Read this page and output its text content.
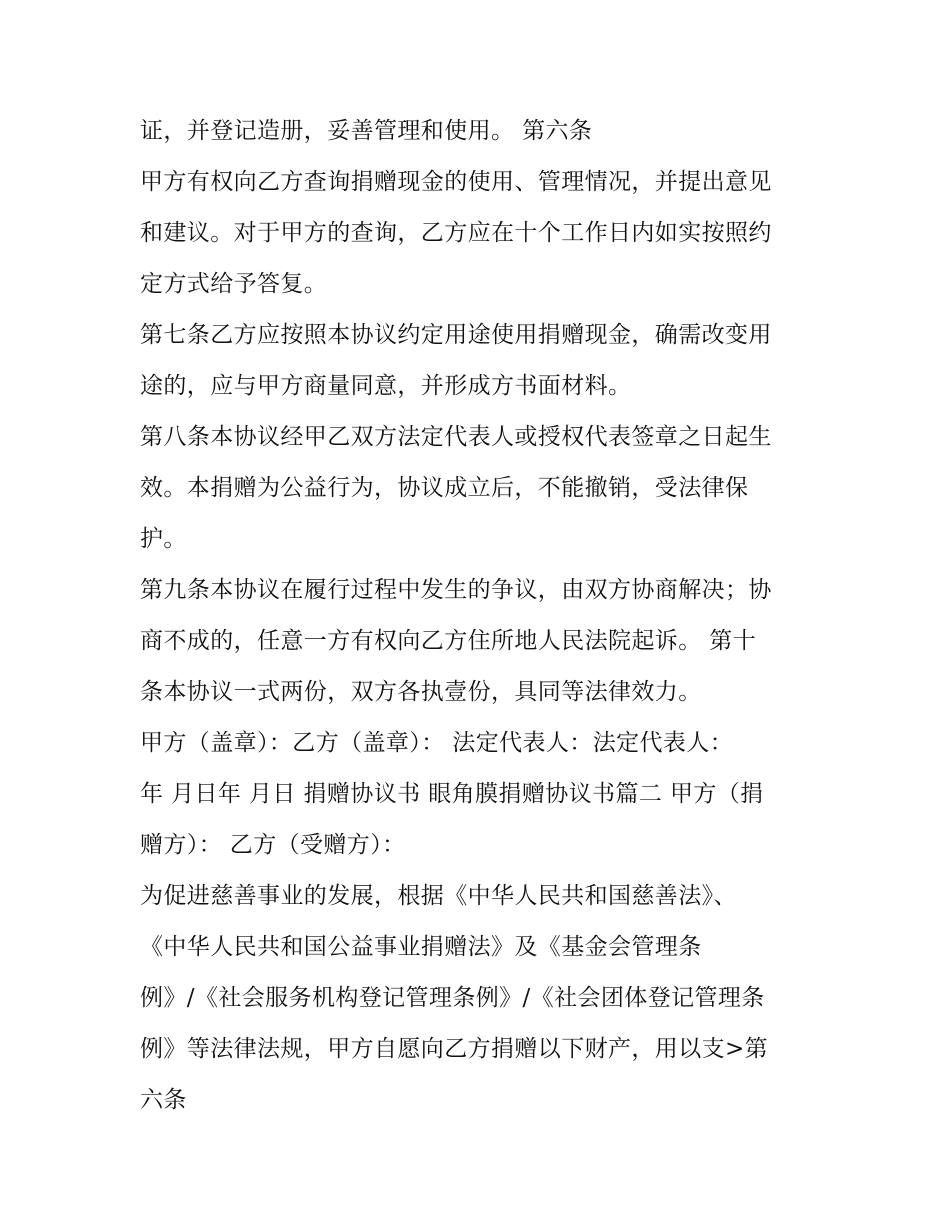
证，并登记造册，妥善管理和使用。 第六条
甲方有权向乙方查询捐赠现金的使用、管理情况，并提出意见
和建议。对于甲方的查询，乙方应在十个工作日内如实按照约
定方式给予答复。
第七条乙方应按照本协议约定用途使用捐赠现金，确需改变用
途的，应与甲方商量同意，并形成方书面材料。
第八条本协议经甲乙双方法定代表人或授权代表签章之日起生
效。本捐赠为公益行为，协议成立后，不能撤销，受法律保
护。
第九条本协议在履行过程中发生的争议，由双方协商解决；协
商不成的，任意一方有权向乙方住所地人民法院起诉。 第十
条本协议一式两份，双方各执壹份，具同等法律效力。
甲方（盖章）：乙方（盖章）： 法定代表人：法定代表人：
年 月日年 月日 捐赠协议书 眼角膜捐赠协议书篇二 甲方（捐
赠方）： 乙方（受赠方）：
为促进慈善事业的发展，根据《中华人民共和国慈善法》、
《中华人民共和国公益事业捐赠法》及《基金会管理条
例》/《社会服务机构登记管理条例》/《社会团体登记管理条
例》等法律法规，甲方自愿向乙方捐赠以下财产，用以支>第
六条
